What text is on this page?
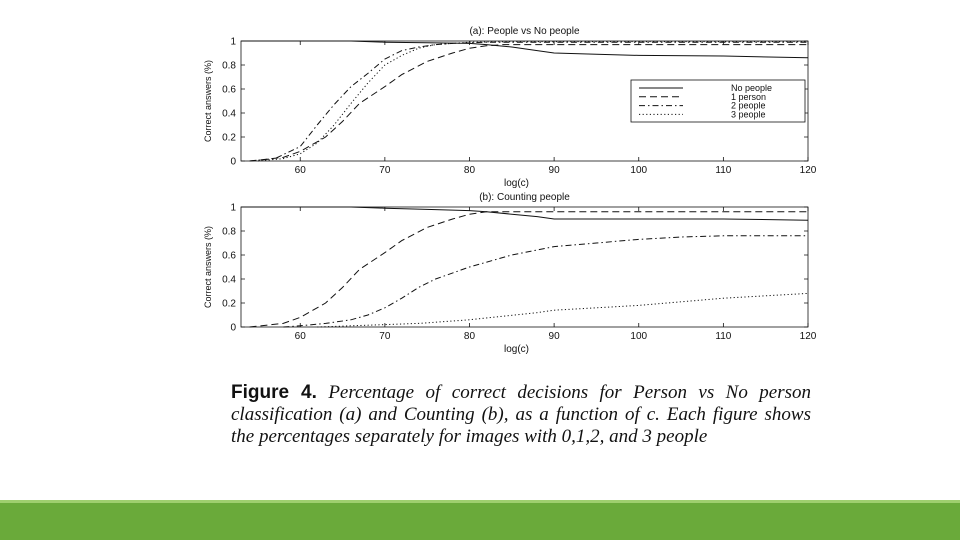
(a): People vs No people
60	70	80	90	100	110	120
0
0.2
0.4
0.6
0.8
1
log(c)
Correct answers (%)	No people
1 person
2 people
3 people
(b): Counting people
60	70	80	90	100	110	120
0
0.2
0.4
0.6
0.8
1
log(c)
Correct answers (%)
Figure 4. Percentage of correct decisions for Person vs No person classification (a) and Counting (b), as a function of c. Each figure shows the percentages separately for images with 0,1,2, and 3 people
